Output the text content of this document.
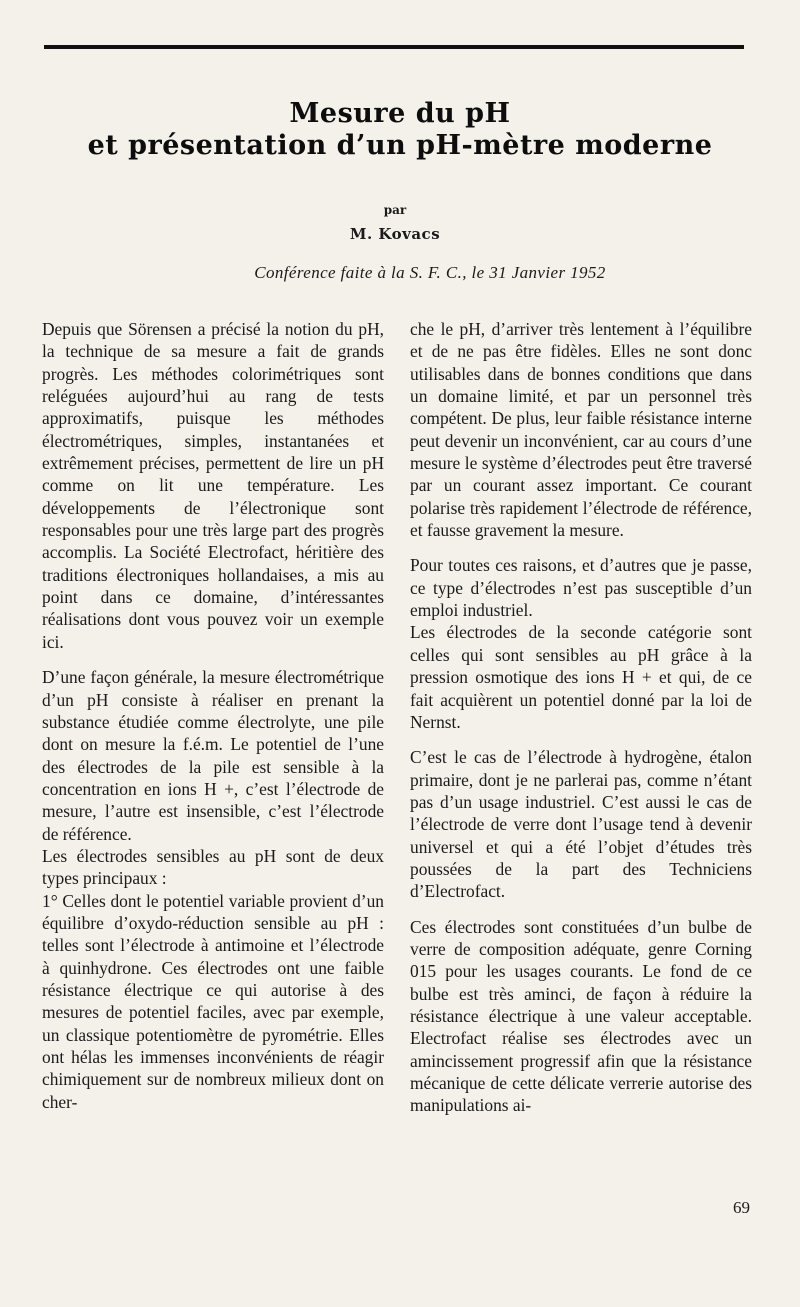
Mesure du pH
et présentation d’un pH-mètre moderne
par
M. Kovacs
Conférence faite à la S. F. C., le 31 Janvier 1952

Depuis que Sörensen a précisé la notion du pH, la technique de sa mesure a fait de grands progrès. Les méthodes colorimétriques sont reléguées aujourd’hui au rang de tests approximatifs, puisque les méthodes électrométriques, simples, instantanées et extrêmement précises, permettent de lire un pH comme on lit une température. Les développements de l’électronique sont responsables pour une très large part des progrès accomplis. La Société Electrofact, héritière des traditions électroniques hollandaises, a mis au point dans ce domaine, d’intéressantes réalisations dont vous pouvez voir un exemple ici.

D’une façon générale, la mesure électrométrique d’un pH consiste à réaliser en prenant la substance étudiée comme électrolyte, une pile dont on mesure la f.é.m. Le potentiel de l’une des électrodes de la pile est sensible à la concentration en ions H +, c’est l’électrode de mesure, l’autre est insensible, c’est l’électrode de référence.

Les électrodes sensibles au pH sont de deux types principaux :

1° Celles dont le potentiel variable provient d’un équilibre d’oxydo-réduction sensible au pH : telles sont l’électrode à antimoine et l’électrode à quinhydrone. Ces électrodes ont une faible résistance électrique ce qui autorise à des mesures de potentiel faciles, avec par exemple, un classique potentiomètre de pyrométrie. Elles ont hélas les immenses inconvénients de réagir chimiquement sur de nombreux milieux dont on cher-

che le pH, d’arriver très lentement à l’équilibre et de ne pas être fidèles. Elles ne sont donc utilisables dans de bonnes conditions que dans un domaine limité, et par un personnel très compétent. De plus, leur faible résistance interne peut devenir un inconvénient, car au cours d’une mesure le système d’électrodes peut être traversé par un courant assez important. Ce courant polarise très rapidement l’électrode de référence, et fausse gravement la mesure.

Pour toutes ces raisons, et d’autres que je passe, ce type d’électrodes n’est pas susceptible d’un emploi industriel.

Les électrodes de la seconde catégorie sont celles qui sont sensibles au pH grâce à la pression osmotique des ions H + et qui, de ce fait acquièrent un potentiel donné par la loi de Nernst.

C’est le cas de l’électrode à hydrogène, étalon primaire, dont je ne parlerai pas, comme n’étant pas d’un usage industriel. C’est aussi le cas de l’électrode de verre dont l’usage tend à devenir universel et qui a été l’objet d’études très poussées de la part des Techniciens d’Electrofact.

Ces électrodes sont constituées d’un bulbe de verre de composition adéquate, genre Corning 015 pour les usages courants. Le fond de ce bulbe est très aminci, de façon à réduire la résistance électrique à une valeur acceptable. Electrofact réalise ses électrodes avec un amincissement progressif afin que la résistance mécanique de cette délicate verrerie autorise des manipulations ai-

69
